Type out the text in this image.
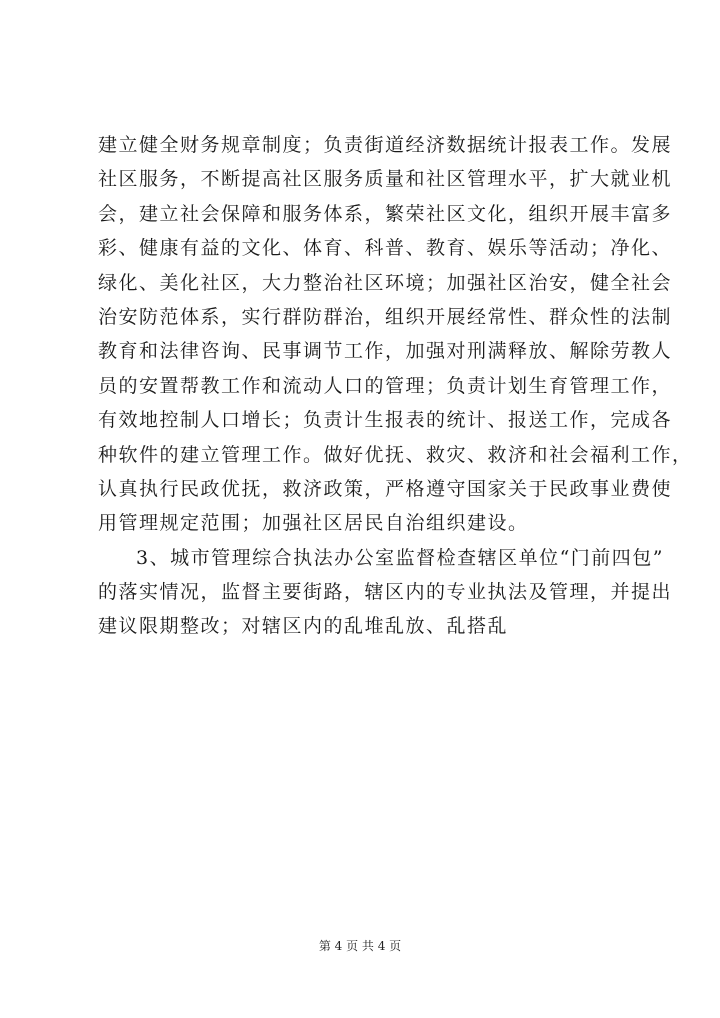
建立健全财务规章制度；负责街道经济数据统计报表工作。发展
社区服务，不断提高社区服务质量和社区管理水平，扩大就业机
会，建立社会保障和服务体系，繁荣社区文化，组织开展丰富多
彩、健康有益的文化、体育、科普、教育、娱乐等活动；净化、
绿化、美化社区，大力整治社区环境；加强社区治安，健全社会
治安防范体系，实行群防群治，组织开展经常性、群众性的法制
教育和法律咨询、民事调节工作，加强对刑满释放、解除劳教人
员的安置帮教工作和流动人口的管理；负责计划生育管理工作，
有效地控制人口增长；负责计生报表的统计、报送工作，完成各
种软件的建立管理工作。做好优抚、救灾、救济和社会福利工作，
认真执行民政优抚，救济政策，严格遵守国家关于民政事业费使
用管理规定范围；加强社区居民自治组织建设。
3、城市管理综合执法办公室监督检查辖区单位“门前四包”
的落实情况，监督主要街路，辖区内的专业执法及管理，并提出
建议限期整改；对辖区内的乱堆乱放、乱搭乱
第 4 页 共 4 页
